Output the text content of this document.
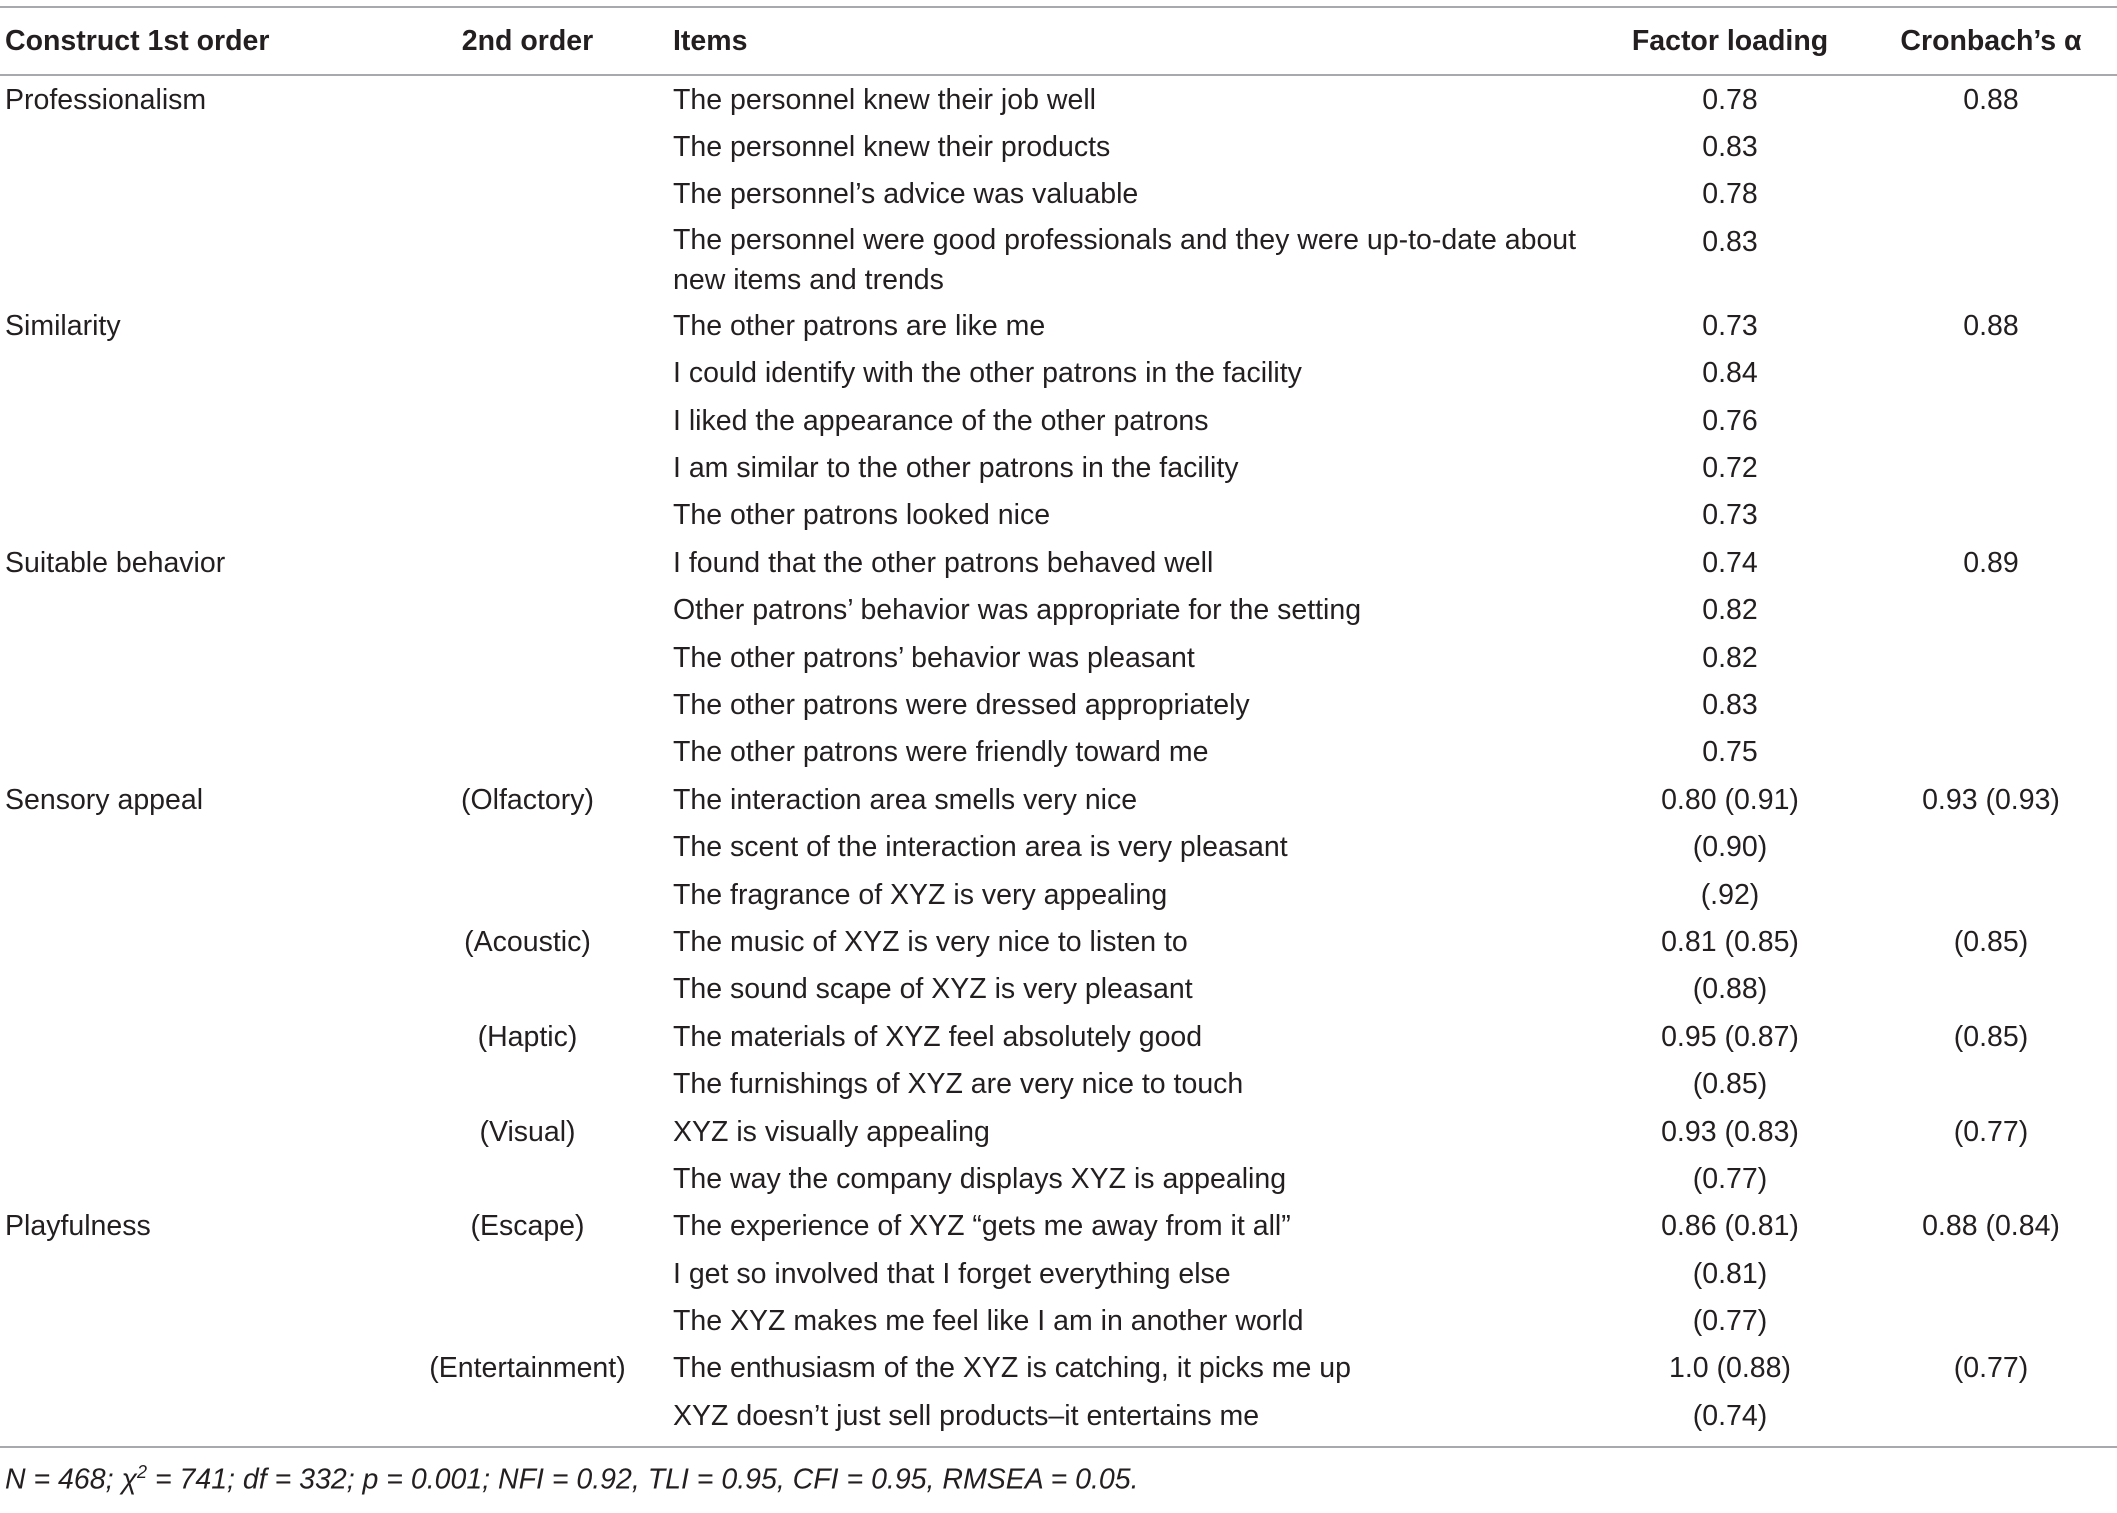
Construct 1st order	2nd order	Items	Factor loading	Cronbach’s α
Professionalism		The personnel knew their job well	0.78	0.88
		The personnel knew their products	0.83	
		The personnel’s advice was valuable	0.78	
		The personnel were good professionals and they were up-to-date about new items and trends	0.83	
Similarity		The other patrons are like me	0.73	0.88
		I could identify with the other patrons in the facility	0.84	
		I liked the appearance of the other patrons	0.76	
		I am similar to the other patrons in the facility	0.72	
		The other patrons looked nice	0.73	
Suitable behavior		I found that the other patrons behaved well	0.74	0.89
		Other patrons’ behavior was appropriate for the setting	0.82	
		The other patrons’ behavior was pleasant	0.82	
		The other patrons were dressed appropriately	0.83	
		The other patrons were friendly toward me	0.75	
Sensory appeal	(Olfactory)	The interaction area smells very nice	0.80 (0.91)	0.93 (0.93)
		The scent of the interaction area is very pleasant	(0.90)	
		The fragrance of XYZ is very appealing	(.92)	
	(Acoustic)	The music of XYZ is very nice to listen to	0.81 (0.85)	(0.85)
		The sound scape of XYZ is very pleasant	(0.88)	
	(Haptic)	The materials of XYZ feel absolutely good	0.95 (0.87)	(0.85)
		The furnishings of XYZ are very nice to touch	(0.85)	
	(Visual)	XYZ is visually appealing	0.93 (0.83)	(0.77)
		The way the company displays XYZ is appealing	(0.77)	
Playfulness	(Escape)	The experience of XYZ “gets me away from it all”	0.86 (0.81)	0.88 (0.84)
		I get so involved that I forget everything else	(0.81)	
		The XYZ makes me feel like I am in another world	(0.77)	
	(Entertainment)	The enthusiasm of the XYZ is catching, it picks me up	1.0 (0.88)	(0.77)
		XYZ doesn’t just sell products–it entertains me	(0.74)	
N = 468; $\chi^2 = 741$; df = 332; p = 0.001; NFI = 0.92, TLI = 0.95, CFI = 0.95, RMSEA = 0.05.
